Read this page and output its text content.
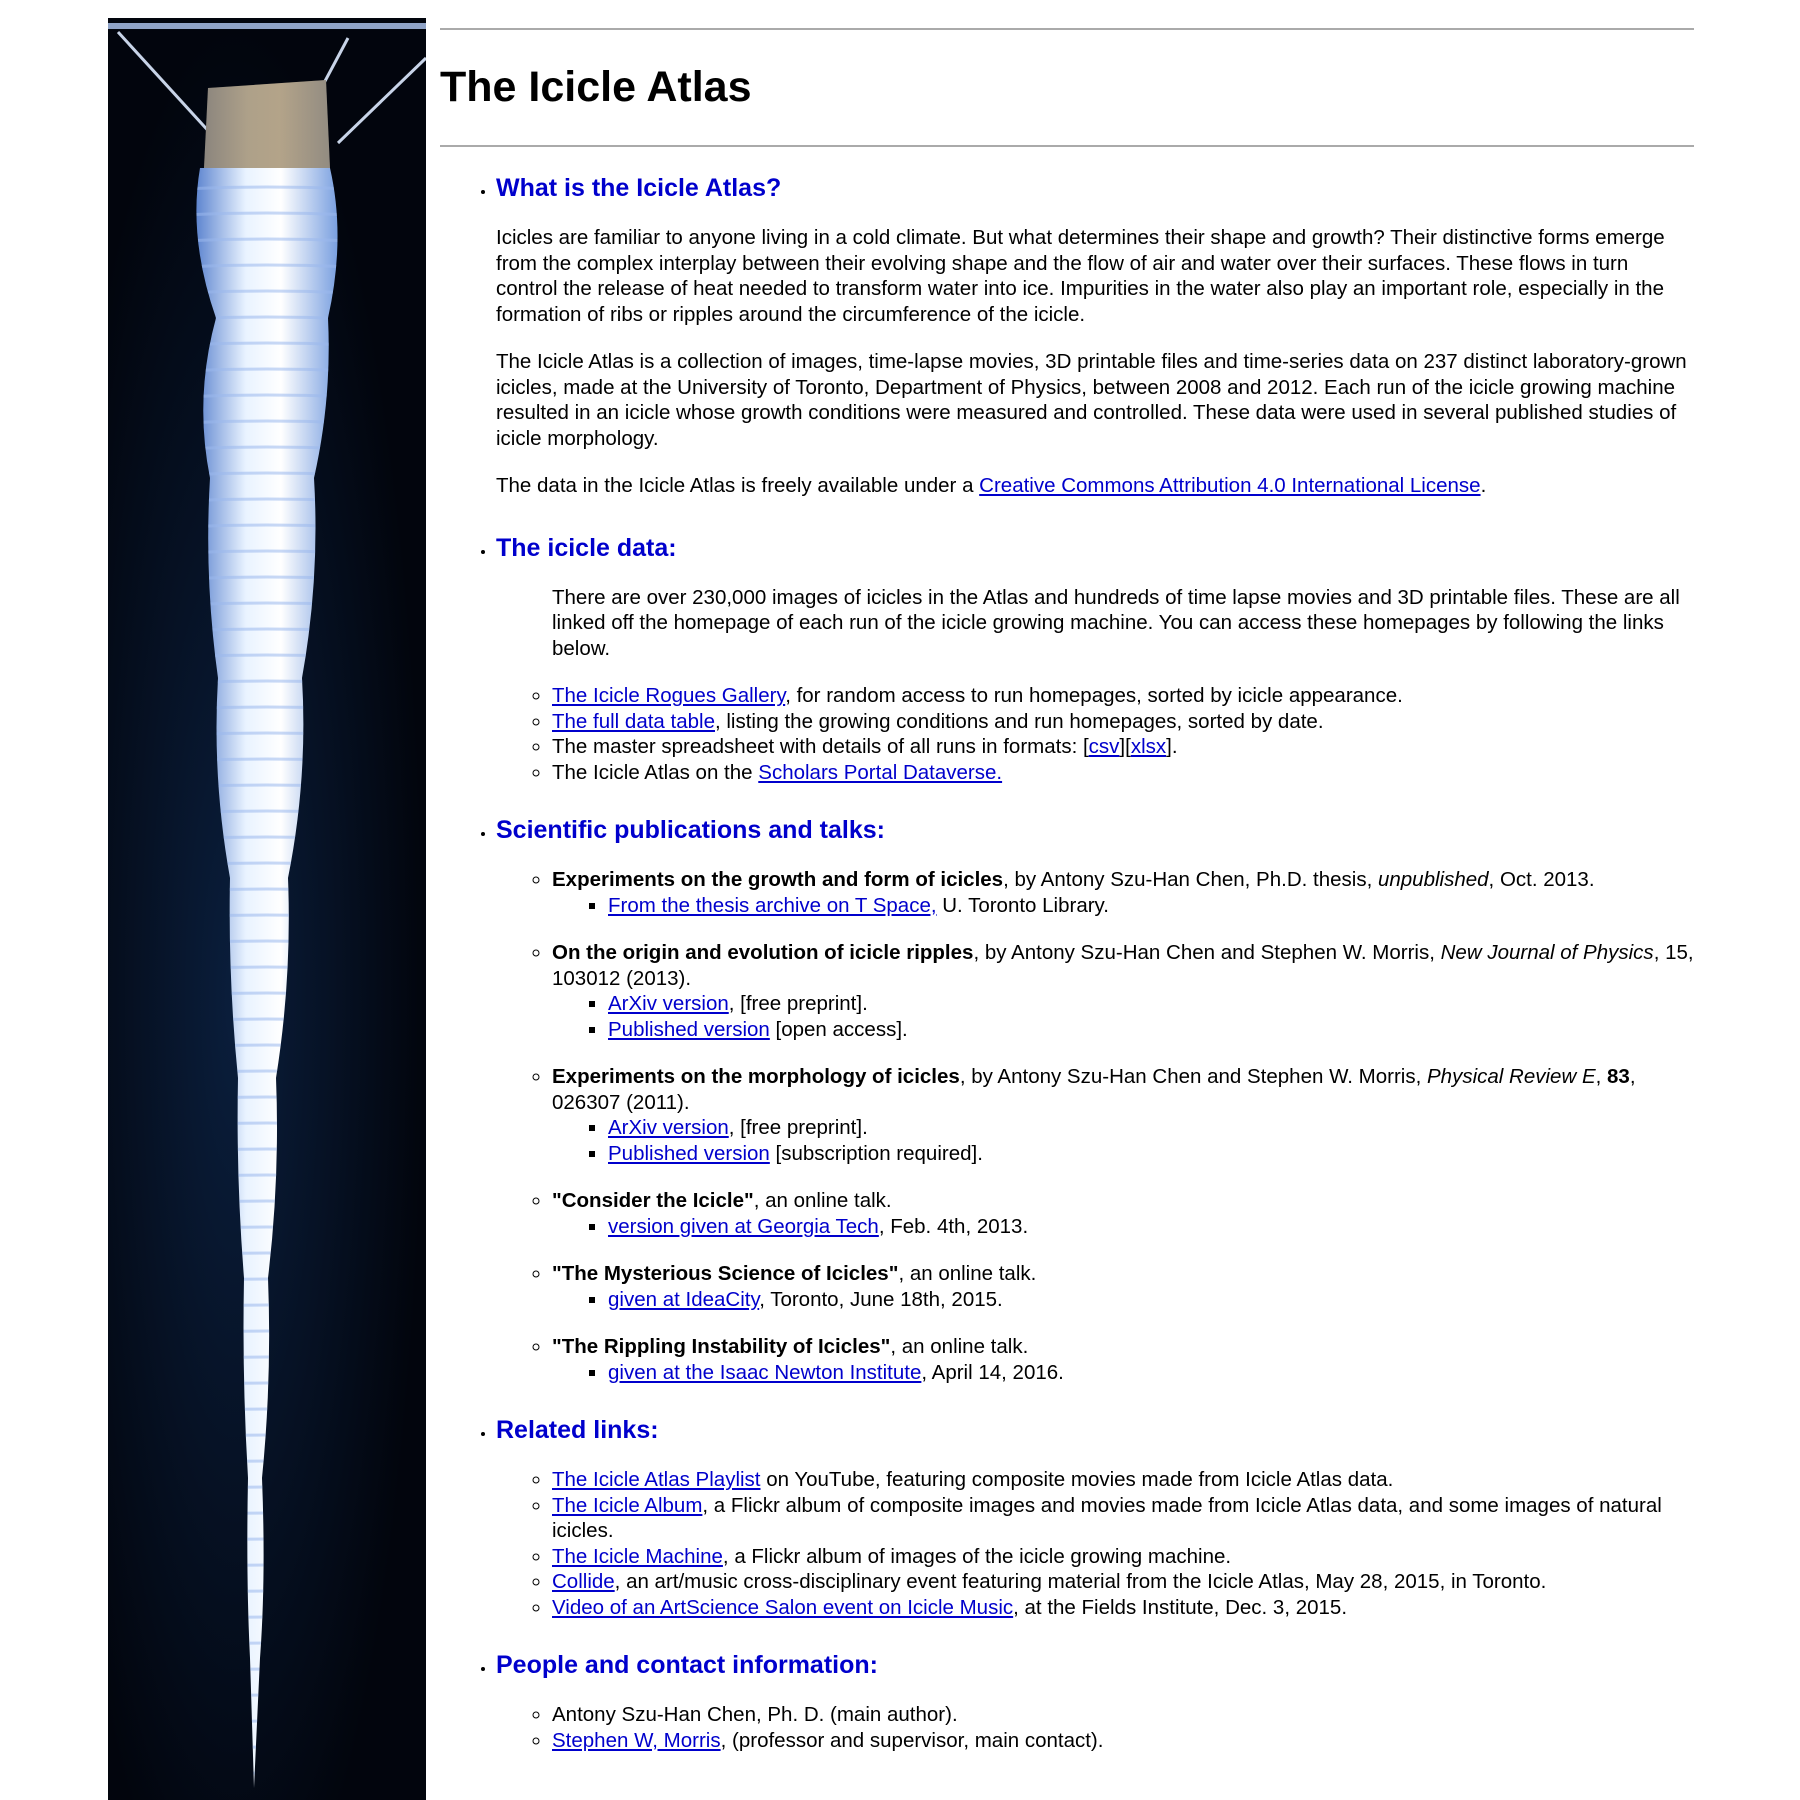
The Icicle Atlas
• What is the Icicle Atlas?

Icicles are familiar to anyone living in a cold climate. But what determines their shape and growth? Their distinctive forms emerge from the complex interplay between their evolving shape and the flow of air and water over their surfaces. These flows in turn control the release of heat needed to transform water into ice. Impurities in the water also play an important role, especially in the formation of ribs or ripples around the circumference of the icicle.

The Icicle Atlas is a collection of images, time-lapse movies, 3D printable files and time-series data on 237 distinct laboratory-grown icicles, made at the University of Toronto, Department of Physics, between 2008 and 2012. Each run of the icicle growing machine resulted in an icicle whose growth conditions were measured and controlled. These data were used in several published studies of icicle morphology.

The data in the Icicle Atlas is freely available under a Creative Commons Attribution 4.0 International License.

• The icicle data:

There are over 230,000 images of icicles in the Atlas and hundreds of time lapse movies and 3D printable files. These are all linked off the homepage of each run of the icicle growing machine. You can access these homepages by following the links below.

◦ The Icicle Rogues Gallery, for random access to run homepages, sorted by icicle appearance.
◦ The full data table, listing the growing conditions and run homepages, sorted by date.
◦ The master spreadsheet with details of all runs in formats: [csv][xlsx].
◦ The Icicle Atlas on the Scholars Portal Dataverse.
• Scientific publications and talks:
◦ Experiments on the growth and form of icicles, by Antony Szu-Han Chen, Ph.D. thesis, unpublished, Oct. 2013.
▪ From the thesis archive on T Space, U. Toronto Library.
◦ On the origin and evolution of icicle ripples, by Antony Szu-Han Chen and Stephen W. Morris, New Journal of Physics, 15, 103012 (2013).
▪ ArXiv version, [free preprint].
▪ Published version [open access].
◦ Experiments on the morphology of icicles, by Antony Szu-Han Chen and Stephen W. Morris, Physical Review E, 83, 026307 (2011).
▪ ArXiv version, [free preprint].
▪ Published version [subscription required].
◦ "Consider the Icicle", an online talk.
▪ version given at Georgia Tech, Feb. 4th, 2013.
◦ "The Mysterious Science of Icicles", an online talk.
▪ given at IdeaCity, Toronto, June 18th, 2015.
◦ "The Rippling Instability of Icicles", an online talk.
▪ given at the Isaac Newton Institute, April 14, 2016.
• Related links:
◦ The Icicle Atlas Playlist on YouTube, featuring composite movies made from Icicle Atlas data.
◦ The Icicle Album, a Flickr album of composite images and movies made from Icicle Atlas data, and some images of natural icicles.
◦ The Icicle Machine, a Flickr album of images of the icicle growing machine.
◦ Collide, an art/music cross-disciplinary event featuring material from the Icicle Atlas, May 28, 2015, in Toronto.
◦ Video of an ArtScience Salon event on Icicle Music, at the Fields Institute, Dec. 3, 2015.
• People and contact information:
◦ Antony Szu-Han Chen, Ph. D. (main author).
◦ Stephen W, Morris, (professor and supervisor, main contact).
